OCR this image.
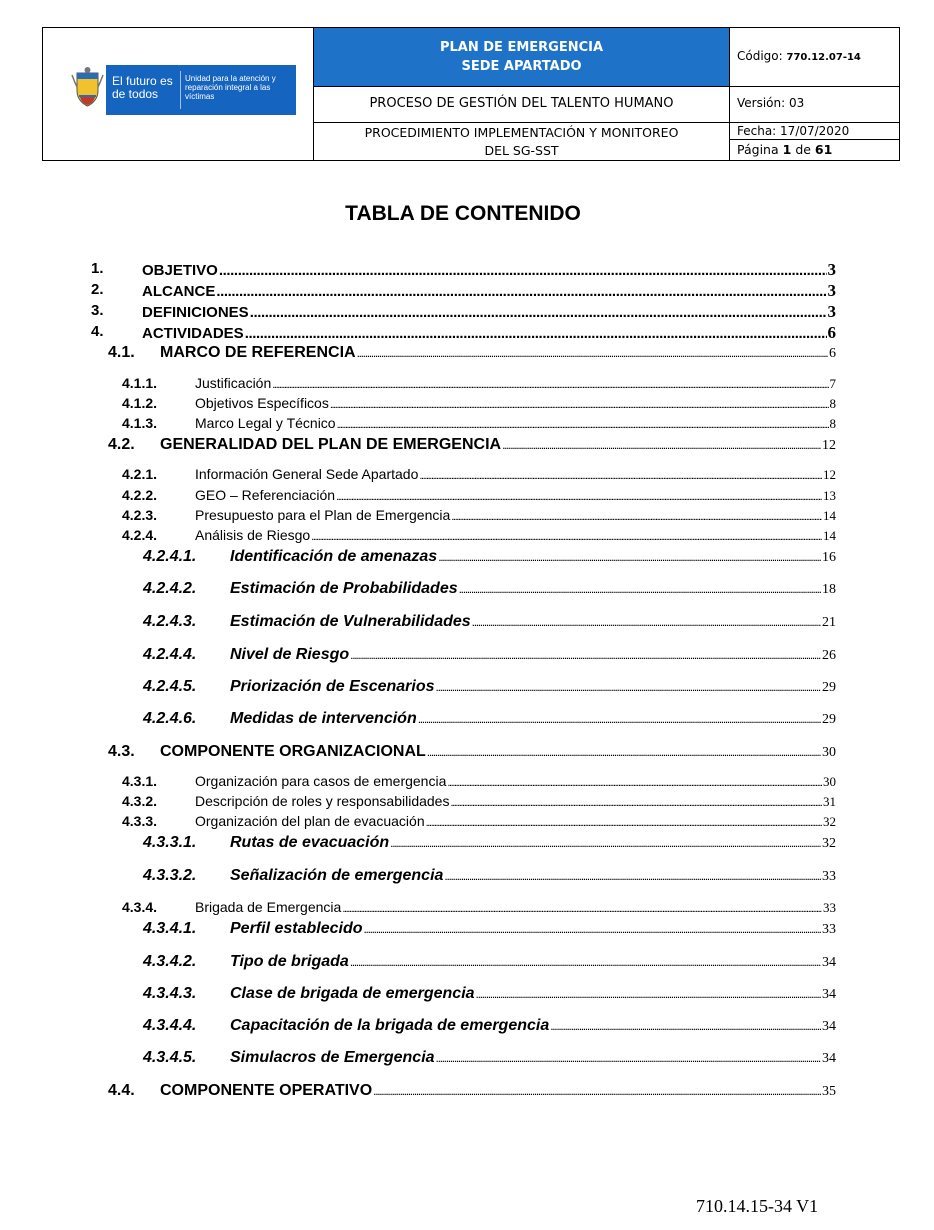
El futuro es de todos
Unidad para la atención y reparación integral a las víctimas
PLAN DE EMERGENCIA
SEDE APARTADO
Código: 770.12.07-14
PROCESO DE GESTIÓN DEL TALENTO HUMANO	Versión: 03
PROCEDIMIENTO IMPLEMENTACIÓN Y MONITOREO
DEL SG-SST
Fecha: 17/07/2020
Página 1 de 61
TABLA DE CONTENIDO
1.	OBJETIVO .....	3
2.	ALCANCE .....	3
3.	DEFINICIONES .....	3
4.	ACTIVIDADES .....	6
4.1. MARCO DE REFERENCIA .....	6
4.1.1.	Justificación .....	7
4.1.2.	Objetivos Específicos .....	8
4.1.3.	Marco Legal y Técnico .....	8
4.2. GENERALIDAD DEL PLAN DE EMERGENCIA .....	12
4.2.1.	Información General Sede Apartado .....	12
4.2.2.	GEO – Referenciación .....	13
4.2.3.	Presupuesto para el Plan de Emergencia .....	14
4.2.4.	Análisis de Riesgo .....	14
4.2.4.1. Identificación de amenazas .....	16
4.2.4.2. Estimación de Probabilidades .....	18
4.2.4.3. Estimación de Vulnerabilidades .....	21
4.2.4.4. Nivel de Riesgo .....	26
4.2.4.5. Priorización de Escenarios .....	29
4.2.4.6. Medidas de intervención .....	29
4.3. COMPONENTE ORGANIZACIONAL .....	30
4.3.1.	Organización para casos de emergencia .....	30
4.3.2.	Descripción de roles y responsabilidades .....	31
4.3.3.	Organización del plan de evacuación .....	32
4.3.3.1. Rutas de evacuación .....	32
4.3.3.2. Señalización de emergencia .....	33
4.3.4.	Brigada de Emergencia .....	33
4.3.4.1. Perfil establecido .....	33
4.3.4.2. Tipo de brigada .....	34
4.3.4.3. Clase de brigada de emergencia .....	34
4.3.4.4. Capacitación de la brigada de emergencia .....	34
4.3.4.5. Simulacros de Emergencia .....	34
4.4. COMPONENTE OPERATIVO .....	35
710.14.15-34 V1
